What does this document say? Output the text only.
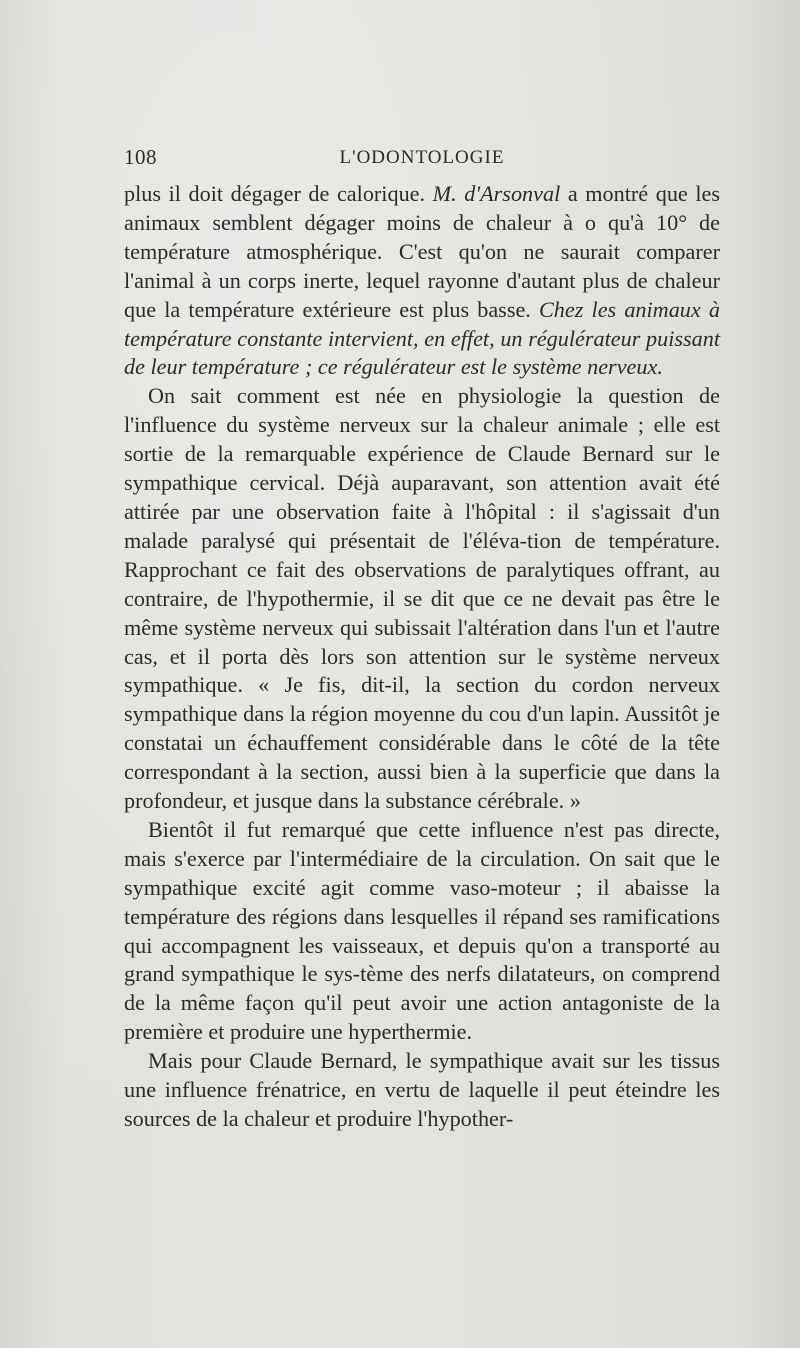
108	L'ODONTOLOGIE

plus il doit dégager de calorique. M. d'Arsonval a montré que les animaux semblent dégager moins de chaleur à o qu'à 10° de température atmosphérique. C'est qu'on ne saurait comparer l'animal à un corps inerte, lequel rayonne d'autant plus de chaleur que la température extérieure est plus basse. Chez les animaux à température constante intervient, en effet, un régulérateur puissant de leur température ; ce régulérateur est le système nerveux.

On sait comment est née en physiologie la question de l'influence du système nerveux sur la chaleur animale ; elle est sortie de la remarquable expérience de Claude Bernard sur le sympathique cervical. Déjà auparavant, son attention avait été attirée par une observation faite à l'hôpital : il s'agissait d'un malade paralysé qui présentait de l'éléva-tion de température. Rapprochant ce fait des observations de paralytiques offrant, au contraire, de l'hypothermie, il se dit que ce ne devait pas être le même système nerveux qui subissait l'altération dans l'un et l'autre cas, et il porta dès lors son attention sur le système nerveux sympathique. « Je fis, dit-il, la section du cordon nerveux sympathique dans la région moyenne du cou d'un lapin. Aussitôt je constatai un échauffement considérable dans le côté de la tête correspondant à la section, aussi bien à la superficie que dans la profondeur, et jusque dans la substance cérébrale. »

Bientôt il fut remarqué que cette influence n'est pas directe, mais s'exerce par l'intermédiaire de la circulation. On sait que le sympathique excité agit comme vaso-moteur ; il abaisse la température des régions dans lesquelles il répand ses ramifications qui accompagnent les vaisseaux, et depuis qu'on a transporté au grand sympathique le sys-tème des nerfs dilatateurs, on comprend de la même façon qu'il peut avoir une action antagoniste de la première et produire une hyperthermie.

Mais pour Claude Bernard, le sympathique avait sur les tissus une influence frénatrice, en vertu de laquelle il peut éteindre les sources de la chaleur et produire l'hypother-
